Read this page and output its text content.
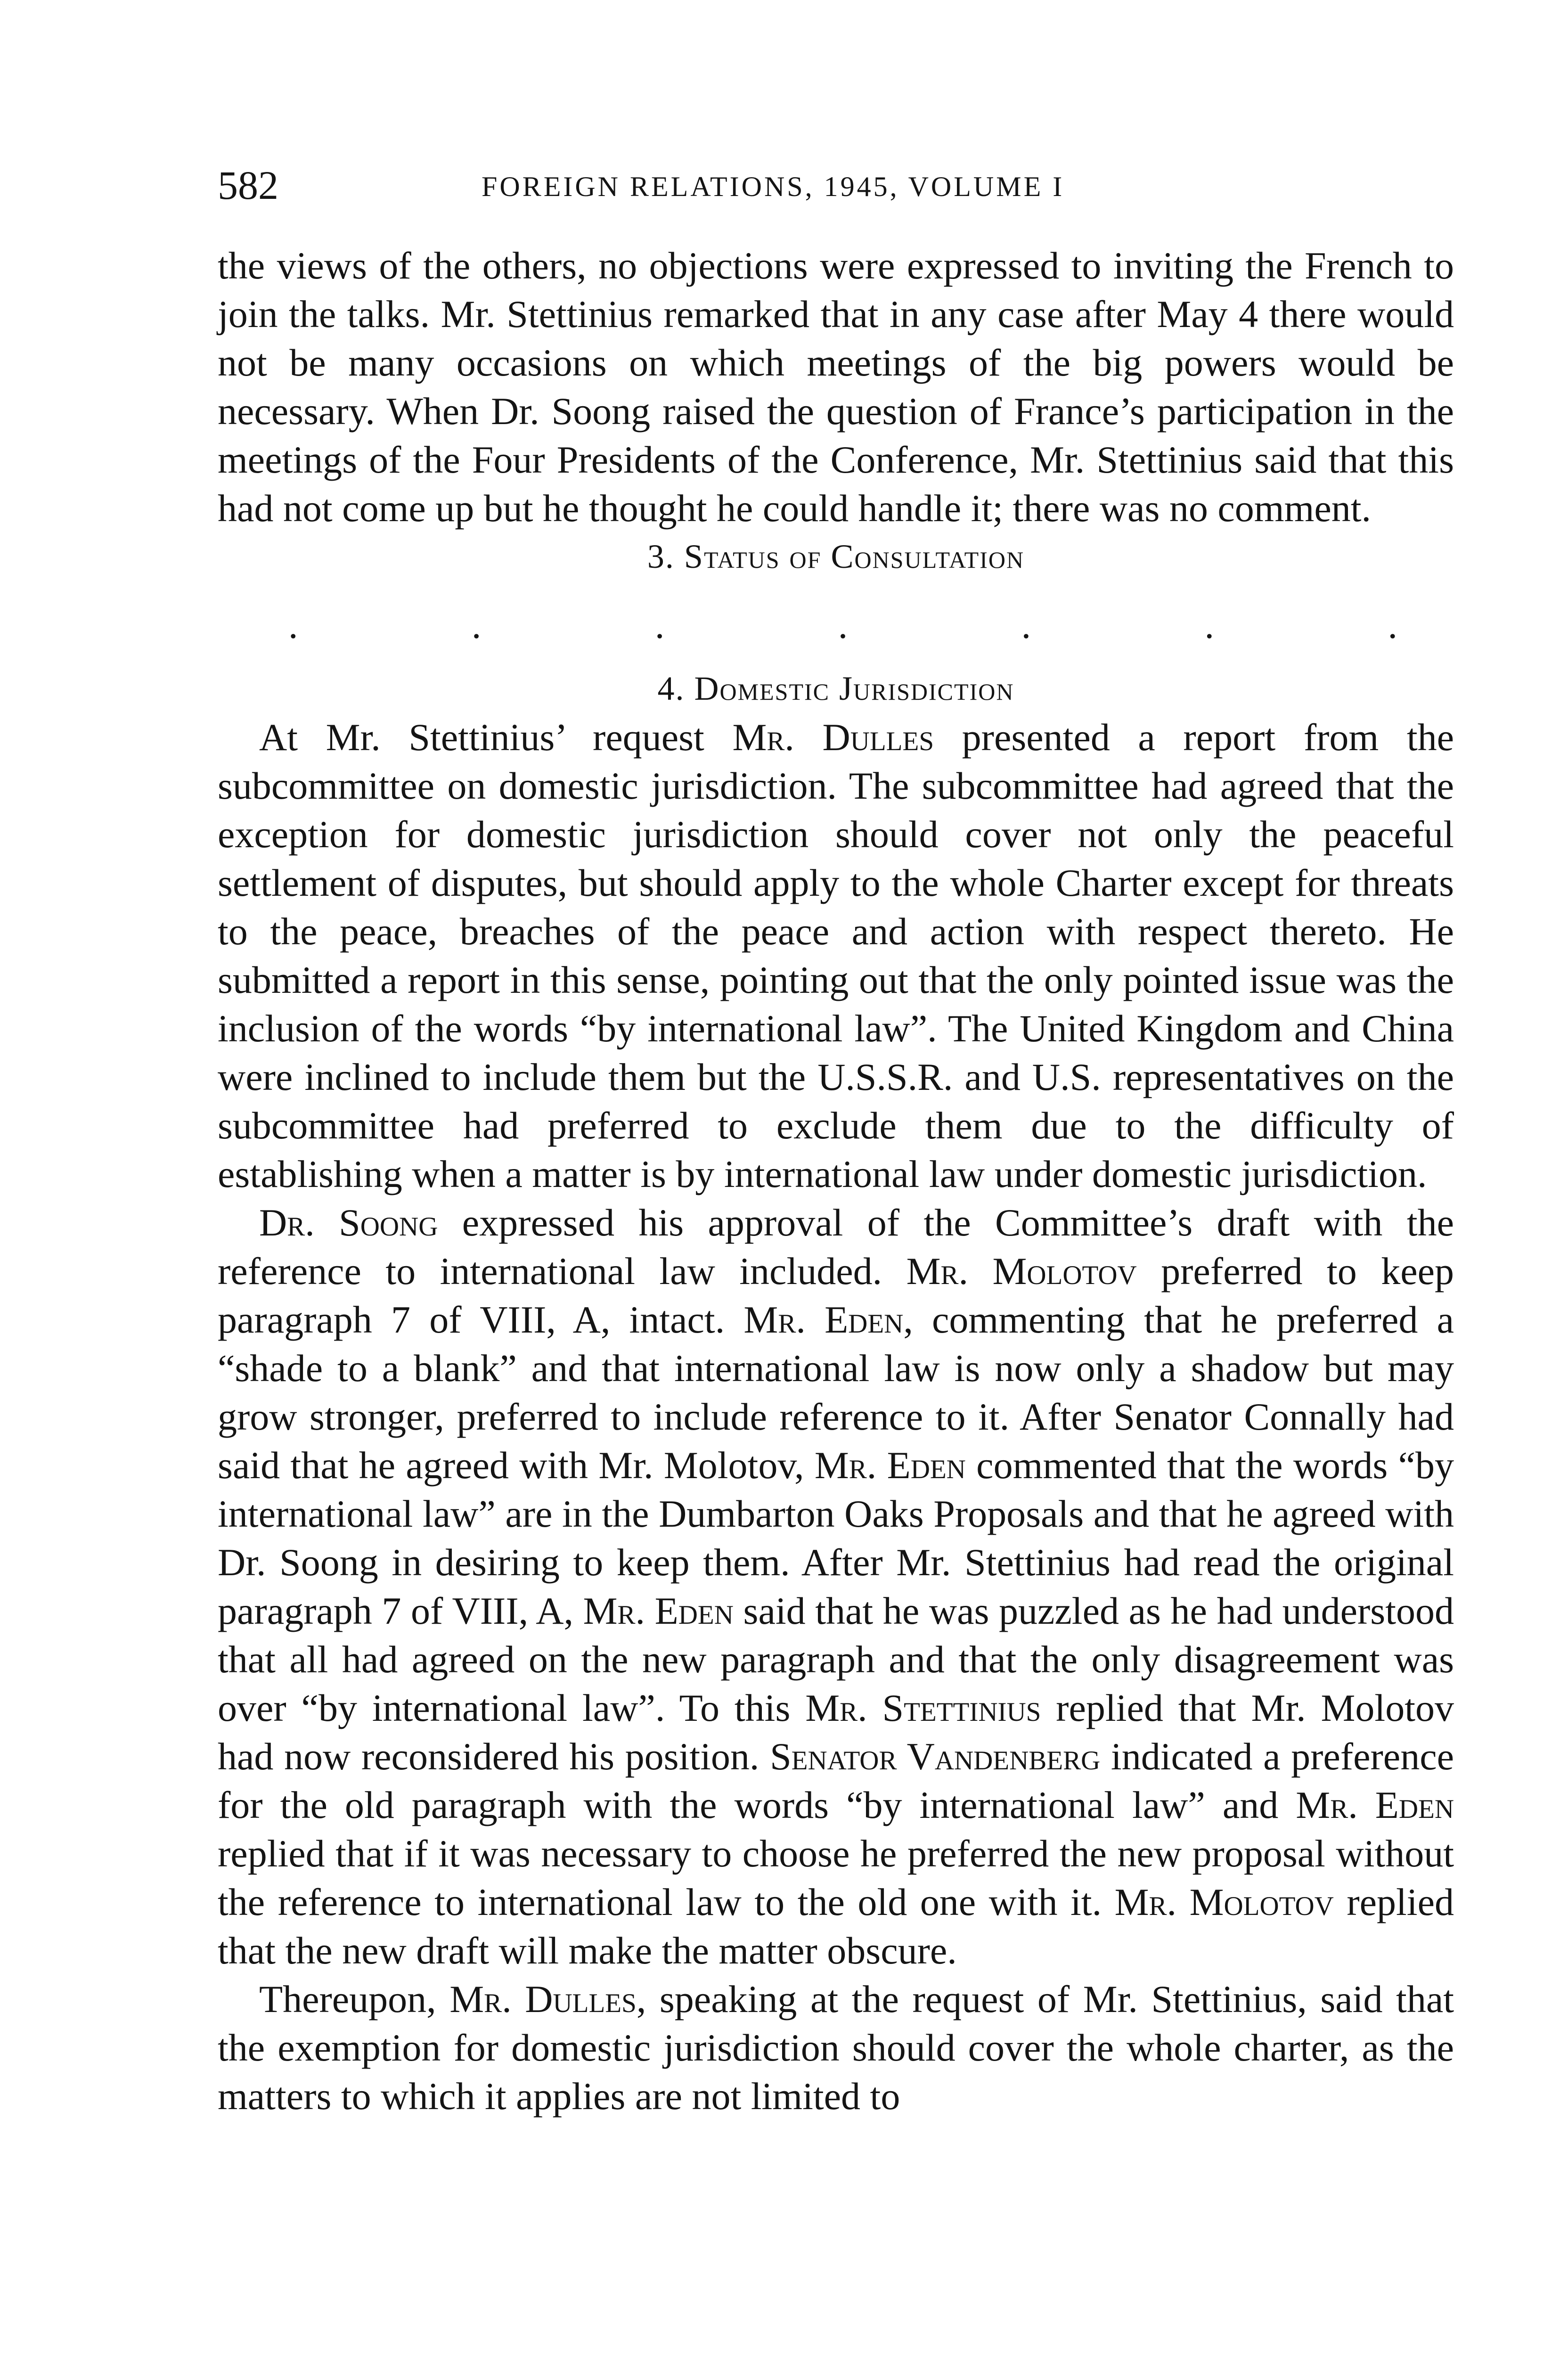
582	FOREIGN RELATIONS, 1945, VOLUME I

the views of the others, no objections were expressed to inviting the French to join the talks. Mr. Stettinius remarked that in any case after May 4 there would not be many occasions on which meetings of the big powers would be necessary. When Dr. Soong raised the question of France’s participation in the meetings of the Four Presidents of the Conference, Mr. Stettinius said that this had not come up but he thought he could handle it; there was no comment.

3. Status of Consultation

.	.	.	.	.	.	.

4. Domestic Jurisdiction

At Mr. Stettinius’ request Mr. Dulles presented a report from the subcommittee on domestic jurisdiction. The subcommittee had agreed that the exception for domestic jurisdiction should cover not only the peaceful settlement of disputes, but should apply to the whole Charter except for threats to the peace, breaches of the peace and action with respect thereto. He submitted a report in this sense, pointing out that the only pointed issue was the inclusion of the words “by international law”. The United Kingdom and China were inclined to include them but the U.S.S.R. and U.S. representatives on the subcommittee had preferred to exclude them due to the difficulty of establishing when a matter is by international law under domestic jurisdiction.

Dr. Soong expressed his approval of the Committee’s draft with the reference to international law included. Mr. Molotov preferred to keep paragraph 7 of VIII, A, intact. Mr. Eden, commenting that he preferred a “shade to a blank” and that international law is now only a shadow but may grow stronger, preferred to include reference to it. After Senator Connally had said that he agreed with Mr. Molotov, Mr. Eden commented that the words “by international law” are in the Dumbarton Oaks Proposals and that he agreed with Dr. Soong in desiring to keep them. After Mr. Stettinius had read the original paragraph 7 of VIII, A, Mr. Eden said that he was puzzled as he had understood that all had agreed on the new paragraph and that the only disagreement was over “by international law”. To this Mr. Stettinius replied that Mr. Molotov had now reconsidered his position. Senator Vandenberg indicated a preference for the old paragraph with the words “by international law” and Mr. Eden replied that if it was necessary to choose he preferred the new proposal without the reference to international law to the old one with it. Mr. Molotov replied that the new draft will make the matter obscure.

Thereupon, Mr. Dulles, speaking at the request of Mr. Stettinius, said that the exemption for domestic jurisdiction should cover the whole charter, as the matters to which it applies are not limited to
